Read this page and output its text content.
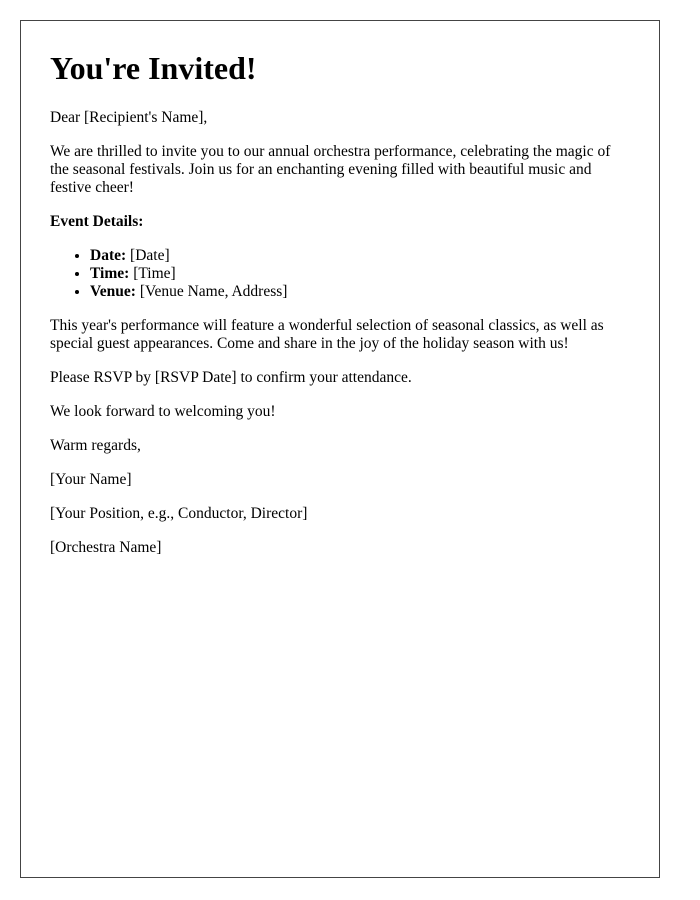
You're Invited!

Dear [Recipient's Name],

We are thrilled to invite you to our annual orchestra performance, celebrating the magic of the seasonal festivals. Join us for an enchanting evening filled with beautiful music and festive cheer!

Event Details:

• Date: [Date]
• Time: [Time]
• Venue: [Venue Name, Address]

This year's performance will feature a wonderful selection of seasonal classics, as well as special guest appearances. Come and share in the joy of the holiday season with us!

Please RSVP by [RSVP Date] to confirm your attendance.

We look forward to welcoming you!

Warm regards,

[Your Name]

[Your Position, e.g., Conductor, Director]

[Orchestra Name]
